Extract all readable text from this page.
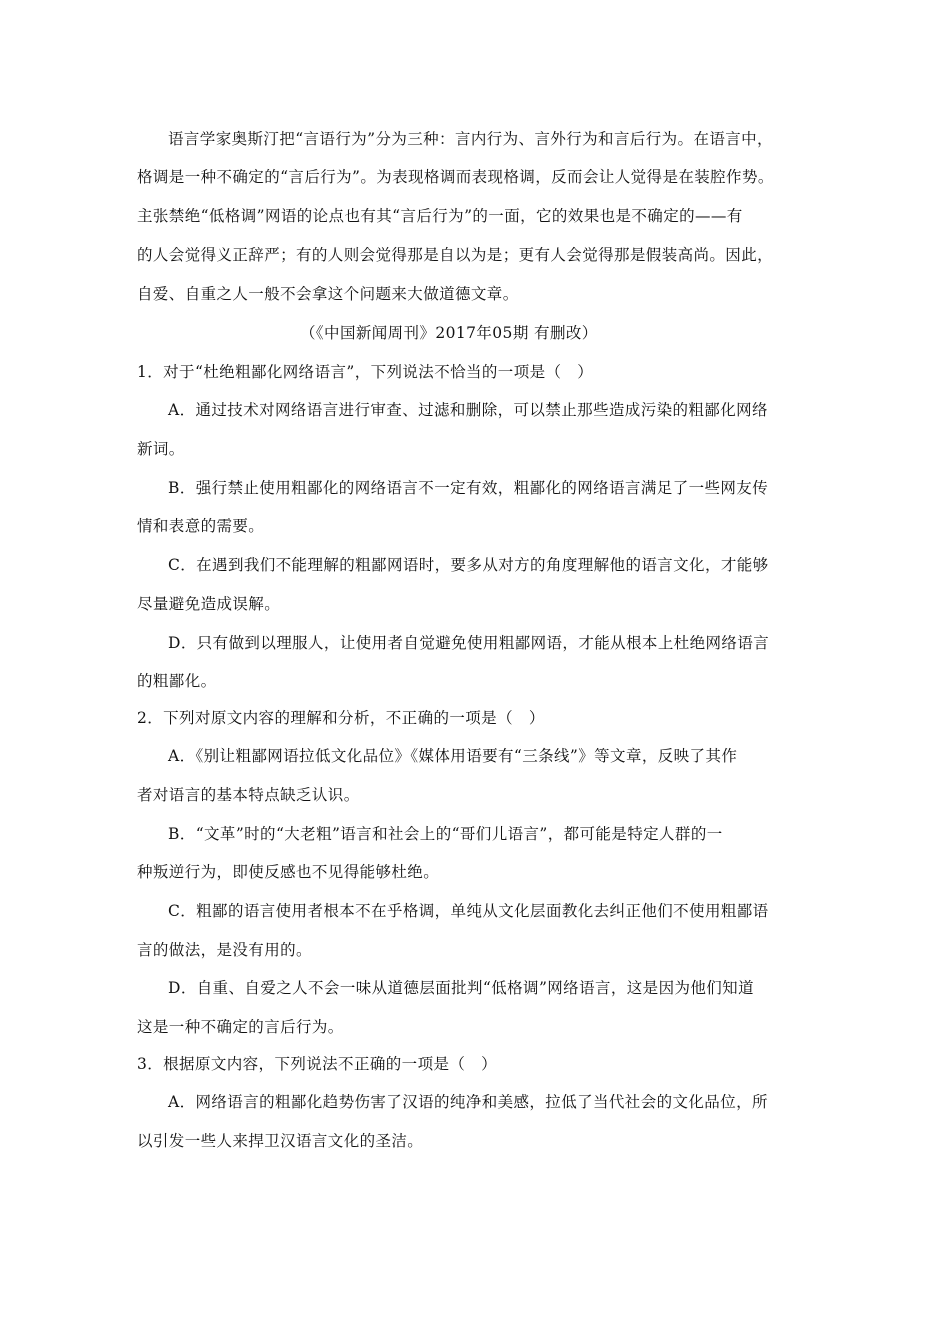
语言学家奥斯汀把“言语行为”分为三种：言内行为、言外行为和言后行为。在语言中，
格调是一种不确定的“言后行为”。为表现格调而表现格调，反而会让人觉得是在装腔作势。
主张禁绝“低格调”网语的论点也有其“言后行为”的一面，它的效果也是不确定的——有
的人会觉得义正辞严；有的人则会觉得那是自以为是；更有人会觉得那是假装高尚。因此，
自爱、自重之人一般不会拿这个问题来大做道德文章。
（《中国新闻周刊》2017年05期 有删改）
1．对于“杜绝粗鄙化网络语言”，下列说法不恰当的一项是（　）
A．通过技术对网络语言进行审查、过滤和删除，可以禁止那些造成污染的粗鄙化网络
新词。
B．强行禁止使用粗鄙化的网络语言不一定有效，粗鄙化的网络语言满足了一些网友传
情和表意的需要。
C．在遇到我们不能理解的粗鄙网语时，要多从对方的角度理解他的语言文化，才能够
尽量避免造成误解。
D．只有做到以理服人，让使用者自觉避免使用粗鄙网语，才能从根本上杜绝网络语言
的粗鄙化。
2．下列对原文内容的理解和分析，不正确的一项是（　）
A．《别让粗鄙网语拉低文化品位》《媒体用语要有“三条线”》等文章，反映了其作
者对语言的基本特点缺乏认识。
B．“文革”时的“大老粗”语言和社会上的“哥们儿语言”，都可能是特定人群的一
种叛逆行为，即使反感也不见得能够杜绝。
C．粗鄙的语言使用者根本不在乎格调，单纯从文化层面教化去纠正他们不使用粗鄙语
言的做法，是没有用的。
D．自重、自爱之人不会一味从道德层面批判“低格调”网络语言，这是因为他们知道
这是一种不确定的言后行为。
3．根据原文内容，下列说法不正确的一项是（　）
A．网络语言的粗鄙化趋势伤害了汉语的纯净和美感，拉低了当代社会的文化品位，所
以引发一些人来捍卫汉语言文化的圣洁。
